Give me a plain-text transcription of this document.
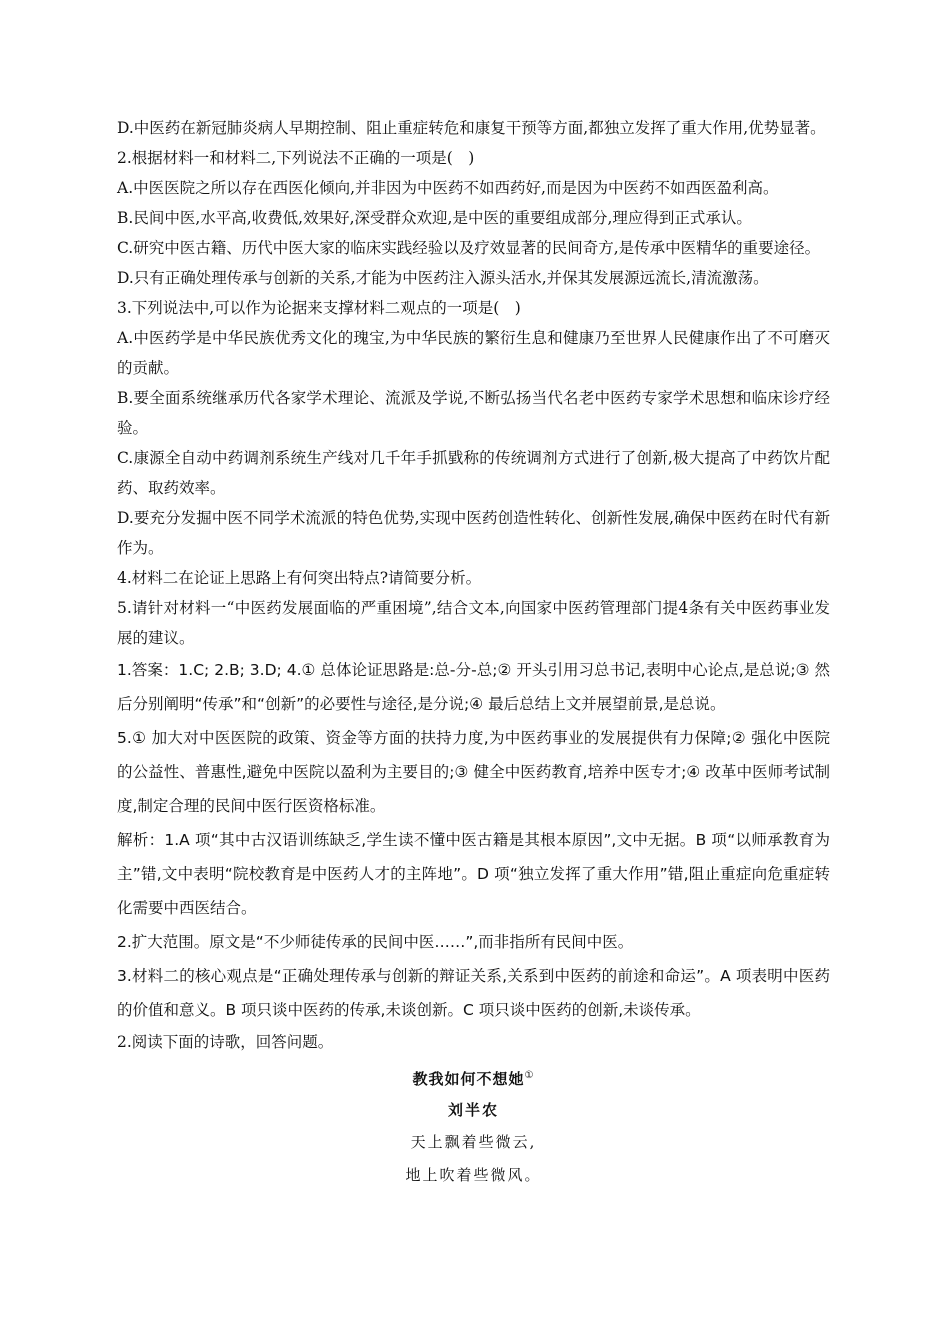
D.中医药在新冠肺炎病人早期控制、阻止重症转危和康复干预等方面,都独立发挥了重大作用,优势显著。

2.根据材料一和材料二,下列说法不正确的一项是(　)

A.中医医院之所以存在西医化倾向,并非因为中医药不如西药好,而是因为中医药不如西医盈利高。

B.民间中医,水平高,收费低,效果好,深受群众欢迎,是中医的重要组成部分,理应得到正式承认。

C.研究中医古籍、历代中医大家的临床实践经验以及疗效显著的民间奇方,是传承中医精华的重要途径。

D.只有正确处理传承与创新的关系,才能为中医药注入源头活水,并保其发展源远流长,清流激荡。

3.下列说法中,可以作为论据来支撑材料二观点的一项是(　)

A.中医药学是中华民族优秀文化的瑰宝,为中华民族的繁衍生息和健康乃至世界人民健康作出了不可磨灭的贡献。

B.要全面系统继承历代各家学术理论、流派及学说,不断弘扬当代名老中医药专家学术思想和临床诊疗经验。

C.康源全自动中药调剂系统生产线对几千年手抓戥称的传统调剂方式进行了创新,极大提高了中药饮片配药、取药效率。

D.要充分发掘中医不同学术流派的特色优势,实现中医药创造性转化、创新性发展,确保中医药在时代有新作为。

4.材料二在论证上思路上有何突出特点?请简要分析。

5.请针对材料一“中医药发展面临的严重困境”,结合文本,向国家中医药管理部门提4条有关中医药事业发展的建议。

1.答案：1.C; 2.B; 3.D; 4.① 总体论证思路是:总-分-总;② 开头引用习总书记,表明中心论点,是总说;③ 然后分别阐明“传承”和“创新”的必要性与途径,是分说;④ 最后总结上文并展望前景,是总说。

5.① 加大对中医医院的政策、资金等方面的扶持力度,为中医药事业的发展提供有力保障;② 强化中医院的公益性、普惠性,避免中医院以盈利为主要目的;③ 健全中医药教育,培养中医专才;④ 改革中医师考试制度,制定合理的民间中医行医资格标准。

解析：1.A 项“其中古汉语训练缺乏,学生读不懂中医古籍是其根本原因”,文中无据。B 项“以师承教育为主”错,文中表明“院校教育是中医药人才的主阵地”。D 项“独立发挥了重大作用”错,阻止重症向危重症转化需要中西医结合。

2.扩大范围。原文是“不少师徒传承的民间中医……”,而非指所有民间中医。

3.材料二的核心观点是“正确处理传承与创新的辩证关系,关系到中医药的前途和命运”。A 项表明中医药的价值和意义。B 项只谈中医药的传承,未谈创新。C 项只谈中医药的创新,未谈传承。

2.阅读下面的诗歌，回答问题。

教我如何不想她①
刘半农
天上飘着些微云,
地上吹着些微风。
